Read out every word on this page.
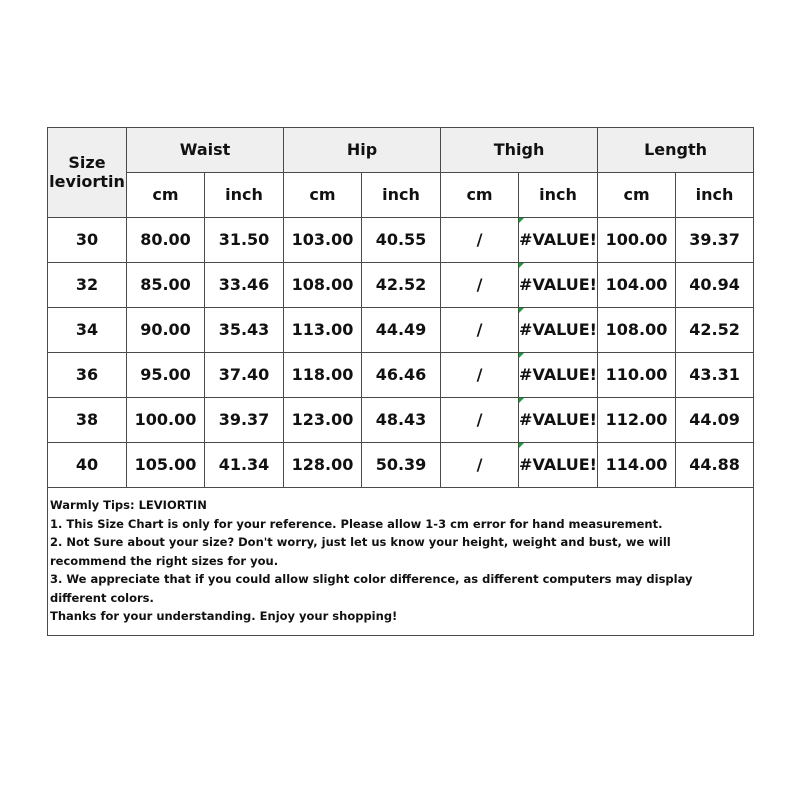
Size
leviortin	Waist		Hip		Thigh		Length	
	cm	inch	cm	inch	cm	inch	cm	inch
30	80.00	31.50	103.00	40.55	/	#VALUE!	100.00	39.37
32	85.00	33.46	108.00	42.52	/	#VALUE!	104.00	40.94
34	90.00	35.43	113.00	44.49	/	#VALUE!	108.00	42.52
36	95.00	37.40	118.00	46.46	/	#VALUE!	110.00	43.31
38	100.00	39.37	123.00	48.43	/	#VALUE!	112.00	44.09
40	105.00	41.34	128.00	50.39	/	#VALUE!	114.00	44.88

Warmly Tips: LEVIORTIN
1. This Size Chart is only for your reference. Please allow 1-3 cm error for hand measurement.
2. Not Sure about your size? Don't worry, just let us know your height, weight and bust, we will recommend the right sizes for you.
3. We appreciate that if you could allow slight color difference, as different computers may display different colors.
Thanks for your understanding. Enjoy your shopping!								
